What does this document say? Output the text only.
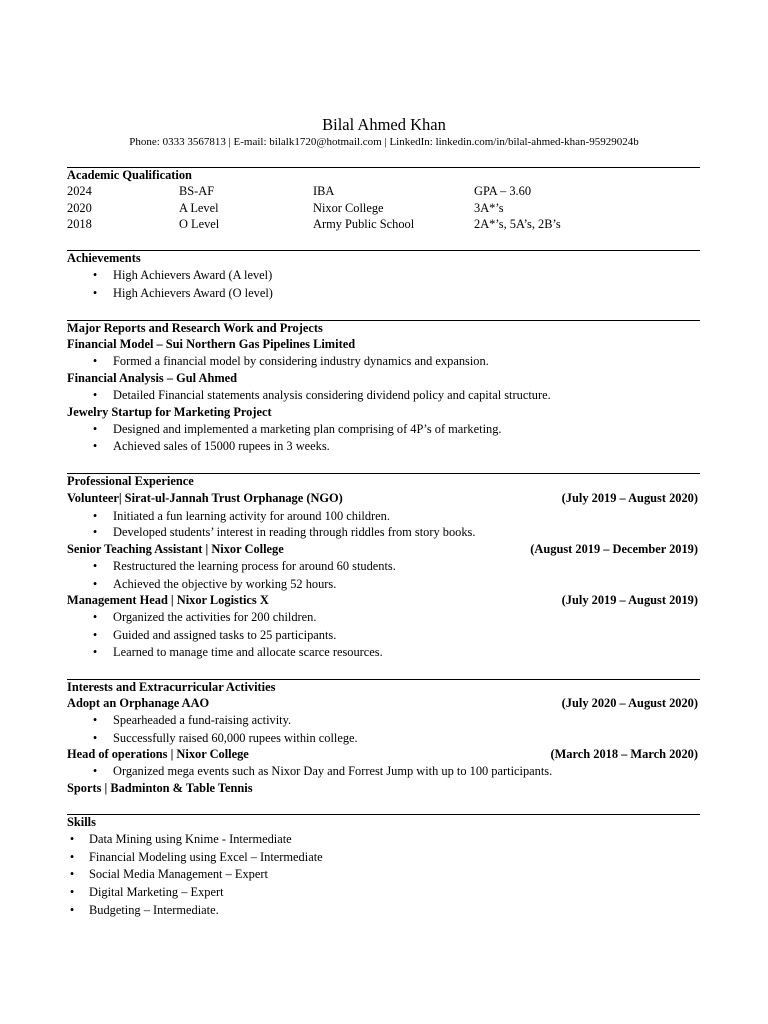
Bilal Ahmed Khan
Phone: 0333 3567813 | E-mail: bilalk1720@hotmail.com | LinkedIn: linkedin.com/in/bilal-ahmed-khan-95929024b
Academic Qualification
2024	BS-AF	IBA	GPA – 3.60
2020	A Level	Nixor College	3A*’s
2018	O Level	Army Public School	2A*’s, 5A’s, 2B’s
Achievements
• High Achievers Award (A level)
• High Achievers Award (O level)
Major Reports and Research Work and Projects
Financial Model – Sui Northern Gas Pipelines Limited
• Formed a financial model by considering industry dynamics and expansion.
Financial Analysis – Gul Ahmed
• Detailed Financial statements analysis considering dividend policy and capital structure.
Jewelry Startup for Marketing Project
• Designed and implemented a marketing plan comprising of 4P’s of marketing.
• Achieved sales of 15000 rupees in 3 weeks.
Professional Experience
Volunteer| Sirat-ul-Jannah Trust Orphanage (NGO)	(July 2019 – August 2020)
• Initiated a fun learning activity for around 100 children.
• Developed students’ interest in reading through riddles from story books.
Senior Teaching Assistant | Nixor College	(August 2019 – December 2019)
• Restructured the learning process for around 60 students.
• Achieved the objective by working 52 hours.
Management Head | Nixor Logistics X	(July 2019 – August 2019)
• Organized the activities for 200 children.
• Guided and assigned tasks to 25 participants.
• Learned to manage time and allocate scarce resources.
Interests and Extracurricular Activities
Adopt an Orphanage AAO	(July 2020 – August 2020)
• Spearheaded a fund-raising activity.
• Successfully raised 60,000 rupees within college.
Head of operations | Nixor College	(March 2018 – March 2020)
• Organized mega events such as Nixor Day and Forrest Jump with up to 100 participants.
Sports | Badminton & Table Tennis
Skills
• Data Mining using Knime - Intermediate
• Financial Modeling using Excel – Intermediate
• Social Media Management – Expert
• Digital Marketing – Expert
• Budgeting – Intermediate.
